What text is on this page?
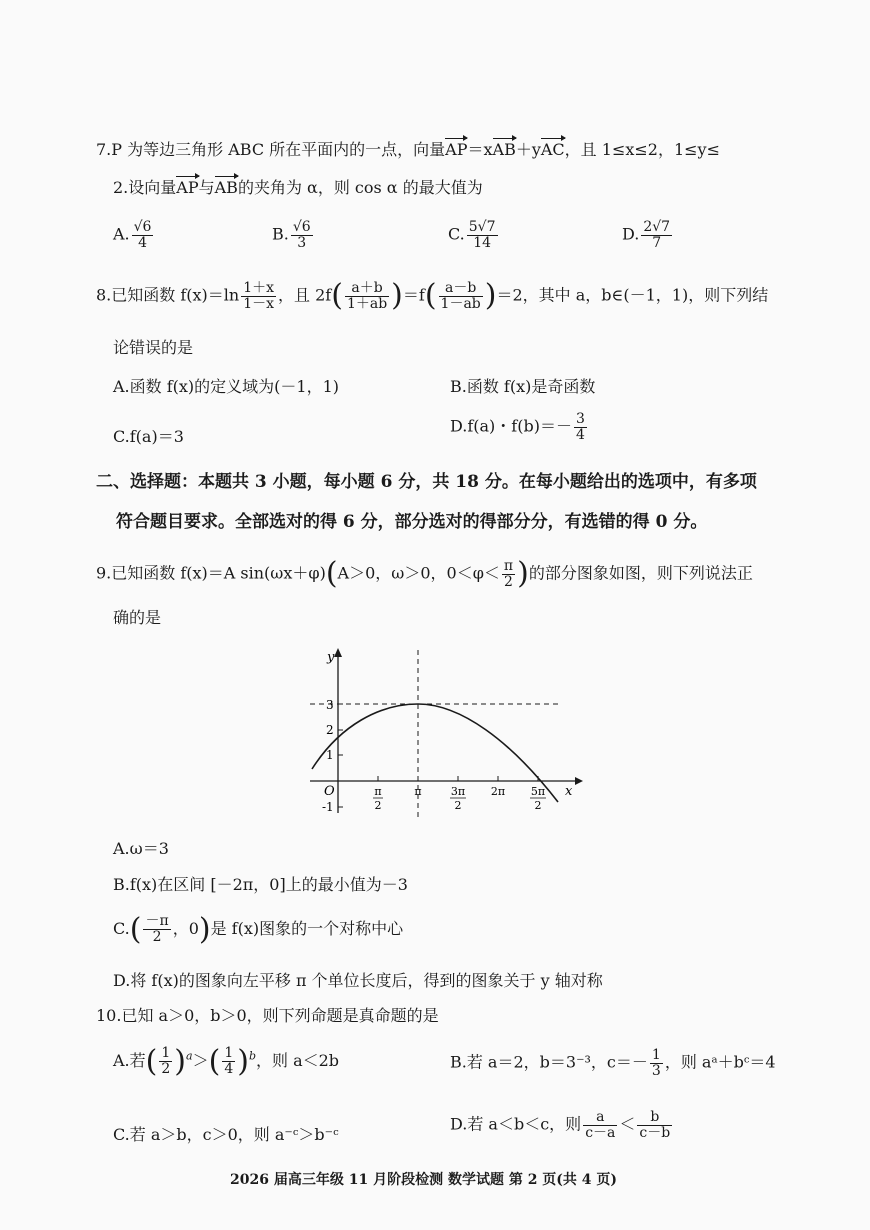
7.P 为等边三角形 ABC 所在平面内的一点，向量AP＝xAB＋yAC，且 1≤x≤2，1≤y≤
2.设向量AP与AB的夹角为 α，则 cos α 的最大值为
A. $\frac{√6}{4}$	B. $\frac{√6}{3}$	C. $\frac{5√7}{14}$	D. $\frac{2√7}{7}$
8.已知函数 $f(x)=\ln \frac{1+x}{1-x}$ ，且 $2f( \frac{a+b}{1+ab} )=f( \frac{a-b}{1-ab} )=2$，其中 a，b∈(－1，1)，则下列结
论错误的是
A.函数 f(x)的定义域为(－1，1)	B.函数 f(x)是奇函数
C.f(a)＝3
D.f(a)・$f(b)=- \frac{3}{4}$
二、选择题：本题共 3 小题，每小题 6 分，共 18 分。在每小题给出的选项中，有多项
符合题目要求。全部选对的得 6 分，部分选对的得部分分，有选错的得 0 分。
9.已知函数 f(x)＝A sin(ωx＋φ)(A＞0，ω＞0，$0<\varphi< \frac{\pi}{2}$ )的部分图象如图，则下列说法正
确的是
y
x
O
3
2
1
-1
π
2
π	3π
2
2π 5π
2
A.ω＝3
B.f(x)在区间 [－2π，0]上的最小值为－3
$C.( \frac{-\pi}{2}$ ，0)是 f(x)图象的一个对称中心
D.将 f(x)的图象向左平移 π 个单位长度后，得到的图象关于 y 轴对称
10.已知 a＞0，b＞0，则下列命题是真命题的是
A.若( $\frac{1}{2} )^a>( \frac{1}{4} )^b$，则 a＜2b	B.若 a＝2，b＝3⁻³，$c=- \frac{1}{3}$ ，则 aᵃ＋bᶜ＝4
C.若 a＞b，c＞0，则 a⁻ᶜ＞b⁻ᶜ
D.若 a＜b＜c，则 $\frac{a}{c-a} < \frac{b}{c-b}$
2026 届高三年级 11 月阶段检测 数学试题 第 2 页(共 4 页)
